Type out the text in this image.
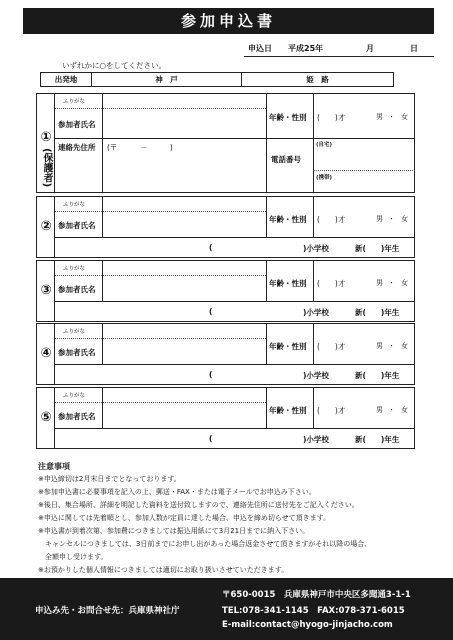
参加申込書
申込日 平成25年	月	日
いずれかに○をしてください。
出発地	神　戸	姫　路
①
(保護者)
ふりがな
参加者氏名
年齢・性別 (　　)才	男 ・ 女
連絡先住所 (〒　　　－　　　)
電話番号
(自宅)
(携帯)
②
ふりがな
参加者氏名
年齢・性別 (　　)才	男 ・ 女
(	)小学校	新(　　)年生
③
ふりがな
参加者氏名
年齢・性別 (　　)才	男 ・ 女
(	)小学校	新(　　)年生
④
ふりがな
参加者氏名
年齢・性別 (　　)才	男 ・ 女
(	)小学校	新(　　)年生
⑤
ふりがな
参加者氏名
年齢・性別 (　　)才	男 ・ 女
(	)小学校	新(　　)年生
注意事項
※申込締切は2月末日までとなっております。
※参加申込書に必要事項を記入の上、郵送・FAX・または電子メールでお申込み下さい。
※後日、集合場所、詳細を明記した資料を送付致しますので、連絡先住所に送付先をご記入ください。
※申込に関しては先着順とし、参加人数が定員に達した場合、申込を締め切らせて頂きます。
※申込書が到着次第、参加費につきましては振込用紙にて3月21日までに納入下さい。
　キャンセルにつきましては、3日前までにお申し出があった場合返金させて頂きますがそれ以降の場合、
　全額申し受けます。
※お預かりした個人情報につきましては適切にお取り扱いさせていただきます。
申込み先・お問合せ先：兵庫県神社庁
〒650-0015　兵庫県神戸市中央区多聞通3-1-1
TEL:078-341-1145　FAX:078-371-6015
E-mail:contact@hyogo-jinjacho.com
